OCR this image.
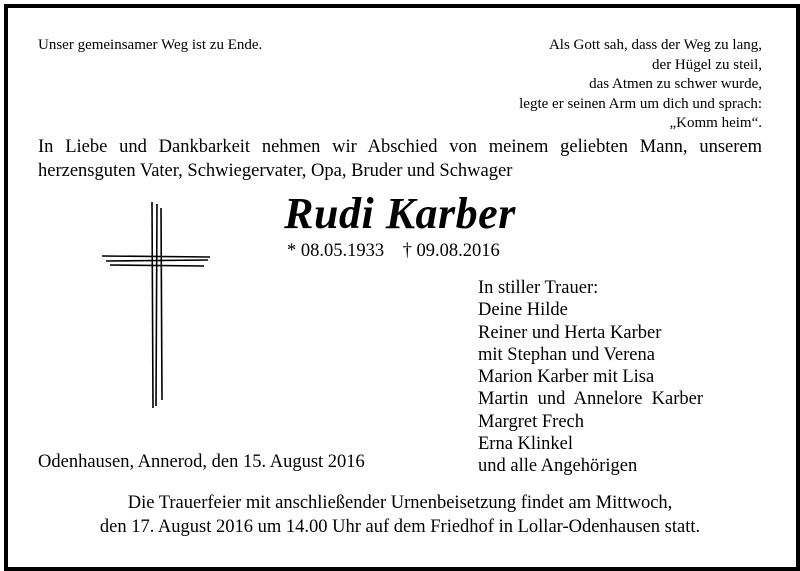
Unser gemeinsamer Weg ist zu Ende.	Als Gott sah, dass der Weg zu lang,
der Hügel zu steil,
das Atmen zu schwer wurde,
legte er seinen Arm um dich und sprach:
„Komm heim“.
In Liebe und Dankbarkeit nehmen wir Abschied von meinem geliebten Mann, unserem herzensguten Vater, Schwiegervater, Opa, Bruder und Schwager
Rudi Karber
* 08.05.1933    † 09.08.2016
In stiller Trauer:
Deine Hilde
Reiner und Herta Karber
mit Stephan und Verena
Marion Karber mit Lisa
Martin  und  Annelore  Karber
Margret Frech
Erna Klinkel
und alle Angehörigen
Odenhausen, Annerod, den 15. August 2016
Die Trauerfeier mit anschließender Urnenbeisetzung findet am Mittwoch,
den 17. August 2016 um 14.00 Uhr auf dem Friedhof in Lollar-Odenhausen statt.
